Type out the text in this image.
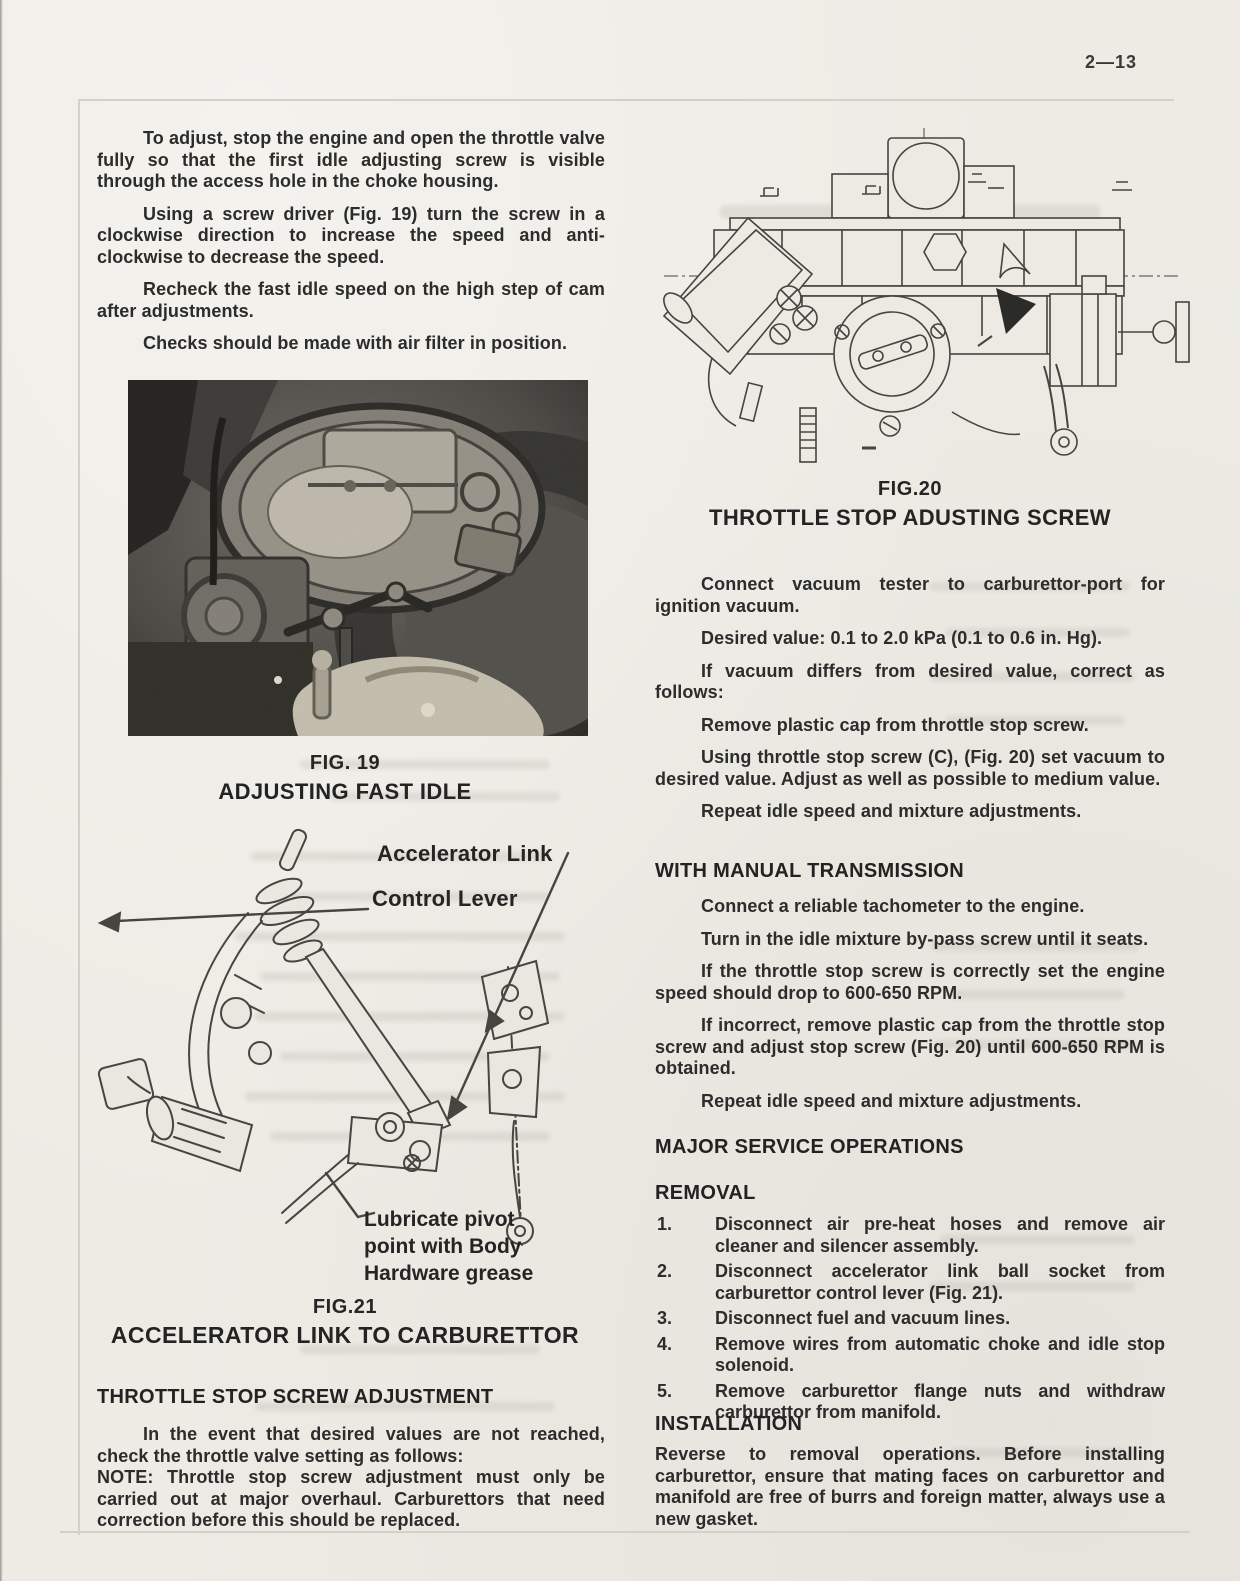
2—13

To adjust, stop the engine and open the throttle valve fully so that the first idle adjusting screw is visible through the access hole in the choke housing.

Using a screw driver (Fig. 19) turn the screw in a clockwise direction to increase the speed and anti-clockwise to decrease the speed.

Recheck the fast idle speed on the high step of cam after adjustments.

Checks should be made with air filter in position.

FIG. 19
ADJUSTING FAST IDLE
Accelerator Link
Control Lever
Lubricate pivot
point with Body
Hardware grease
FIG.21
ACCELERATOR LINK TO CARBURETTOR
THROTTLE STOP SCREW ADJUSTMENT

In the event that desired values are not reached, check the throttle valve setting as follows:

NOTE: Throttle stop screw adjustment must only be carried out at major overhaul. Carburettors that need correction before this should be replaced.

FIG.20
THROTTLE STOP ADUSTING SCREW

Connect vacuum tester to carburettor-port for ignition vacuum.

Desired value: 0.1 to 2.0 kPa (0.1 to 0.6 in. Hg).

If vacuum differs from desired value, correct as follows:

Remove plastic cap from throttle stop screw.

Using throttle stop screw (C), (Fig. 20) set vacuum to desired value. Adjust as well as possible to medium value.

Repeat idle speed and mixture adjustments.

WITH MANUAL TRANSMISSION

Connect a reliable tachometer to the engine.

Turn in the idle mixture by-pass screw until it seats.

If the throttle stop screw is correctly set the engine speed should drop to 600-650 RPM.

If incorrect, remove plastic cap from the throttle stop screw and adjust stop screw (Fig. 20) until 600-650 RPM is obtained.

Repeat idle speed and mixture adjustments.

MAJOR SERVICE OPERATIONS
REMOVAL
Disconnect air pre-heat hoses and remove air cleaner and silencer assembly.
Disconnect accelerator link ball socket from carburettor control lever (Fig. 21).
Disconnect fuel and vacuum lines.
Remove wires from automatic choke and idle stop solenoid.
Remove carburettor flange nuts and withdraw carburettor from manifold.
INSTALLATION

Reverse to removal operations. Before installing carburettor, ensure that mating faces on carburettor and manifold are free of burrs and foreign matter, always use a new gasket.
